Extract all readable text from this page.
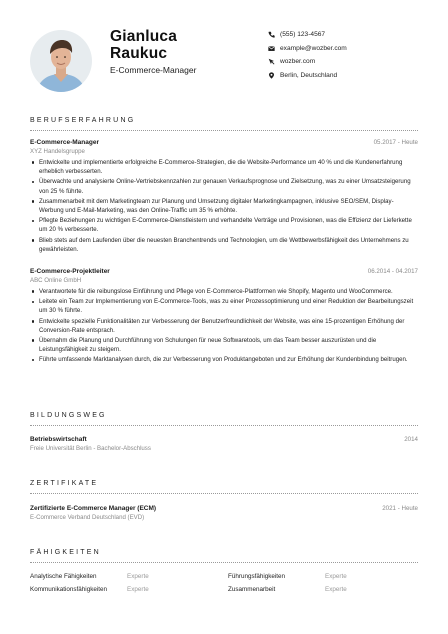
Gianluca
Raukuc
E-Commerce-Manager
(555) 123-4567
example@wozber.com
wozber.com
Berlin, Deutschland
BERUFSERFAHRUNG
E-Commerce-Manager	05.2017 - Heute
XYZ Handelsgruppe
Entwickelte und implementierte erfolgreiche E-Commerce-Strategien, die die Website-Performance um 40 % und die Kundenerfahrung erheblich verbesserten.
Überwachte und analysierte Online-Vertriebskennzahlen zur genauen Verkaufsprognose und Zielsetzung, was zu einer Umsatzsteigerung von 25 % führte.
Zusammenarbeit mit dem Marketingteam zur Planung und Umsetzung digitaler Marketingkampagnen, inklusive SEO/SEM, Display-Werbung und E-Mail-Marketing, was den Online-Traffic um 35 % erhöhte.
Pflegte Beziehungen zu wichtigen E-Commerce-Dienstleistern und verhandelte Verträge und Provisionen, was die Effizienz der Lieferkette um 20 % verbesserte.
Blieb stets auf dem Laufenden über die neuesten Branchentrends und Technologien, um die Wettbewerbsfähigkeit des Unternehmens zu gewährleisten.
E-Commerce-Projektleiter	06.2014 - 04.2017
ABC Online GmbH
Verantwortete für die reibungslose Einführung und Pflege von E-Commerce-Plattformen wie Shopify, Magento und WooCommerce.
Leitete ein Team zur Implementierung von E-Commerce-Tools, was zu einer Prozessoptimierung und einer Reduktion der Bearbeitungszeit um 30 % führte.
Entwickelte spezielle Funktionalitäten zur Verbesserung der Benutzerfreundlichkeit der Website, was eine 15-prozentigen Erhöhung der Conversion-Rate entsprach.
Übernahm die Planung und Durchführung von Schulungen für neue Softwaretools, um das Team besser auszurüsten und die Leistungsfähigkeit zu steigern.
Führte umfassende Marktanalysen durch, die zur Verbesserung von Produktangeboten und zur Erhöhung der Kundenbindung beitrugen.
BILDUNGSWEG
Betriebswirtschaft	2014
Freie Universität Berlin - Bachelor-Abschluss
ZERTIFIKATE
Zertifizierte E-Commerce Manager (ECM)	2021 - Heute
E-Commerce Verband Deutschland (EVD)
FÄHIGKEITEN
Analytische Fähigkeiten	Experte	Führungsfähigkeiten	Experte
Kommunikationsfähigkeiten	Experte	Zusammenarbeit	Experte
